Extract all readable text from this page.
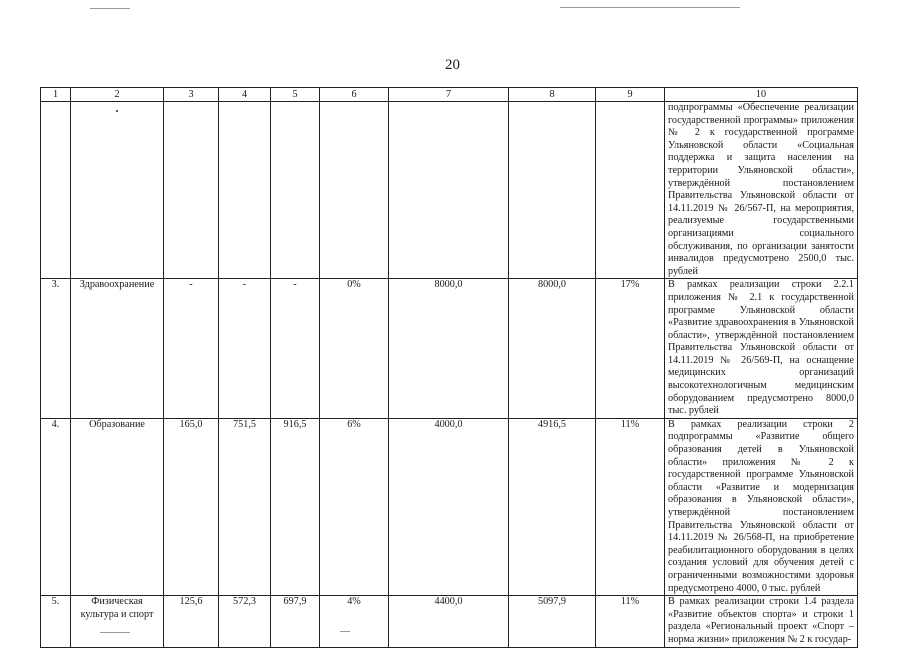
20
1	2	3	4	5	6	7	8	9	10
									подпрограммы «Обеспечение реализации государственной программы» приложения № 2 к государственной программе Ульяновской области «Социальная поддержка и защита населения на территории Ульяновской области», утверждённой постановлением Правительства Ульяновской области от 14.11.2019 № 26/567-П, на мероприятия, реализуемые государственными организациями социального обслуживания, по организации занятости инвалидов предусмотрено 2500,0 тыс. рублей
3.	Здравоохранение	-	-	-	0%	8000,0	8000,0	17%	В рамках реализации строки 2.2.1 приложения № 2.1 к государственной программе Ульяновской области «Развитие здравоохранения в Ульяновской области», утверждённой постановлением Правительства Ульяновской области от 14.11.2019 № 26/569-П, на оснащение медицинских организаций высокотехнологичным медицинским оборудованием предусмотрено 8000,0 тыс. рублей
4.	Образование	165,0	751,5	916,5	6%	4000,0	4916,5	11%	В рамках реализации строки 2 подпрограммы «Развитие общего образования детей в Ульяновской области» приложения № 2 к государственной программе Ульяновской области «Развитие и модернизация образования в Ульяновской области», утверждённой постановлением Правительства Ульяновской области от 14.11.2019 № 26/568-П, на приобретение реабилитационного оборудования в целях создания условий для обучения детей с ограниченными возможностями здоровья предусмотрено 4000, 0 тыс. рублей
5.	Физическая культура и спорт	125,6	572,3	697,9	4%	4400,0	5097,9	11%	В рамках реализации строки 1.4 раздела «Развитие объектов спорта» и строки 1 раздела «Региональный проект «Спорт – норма жизни» приложения № 2 к государ-
